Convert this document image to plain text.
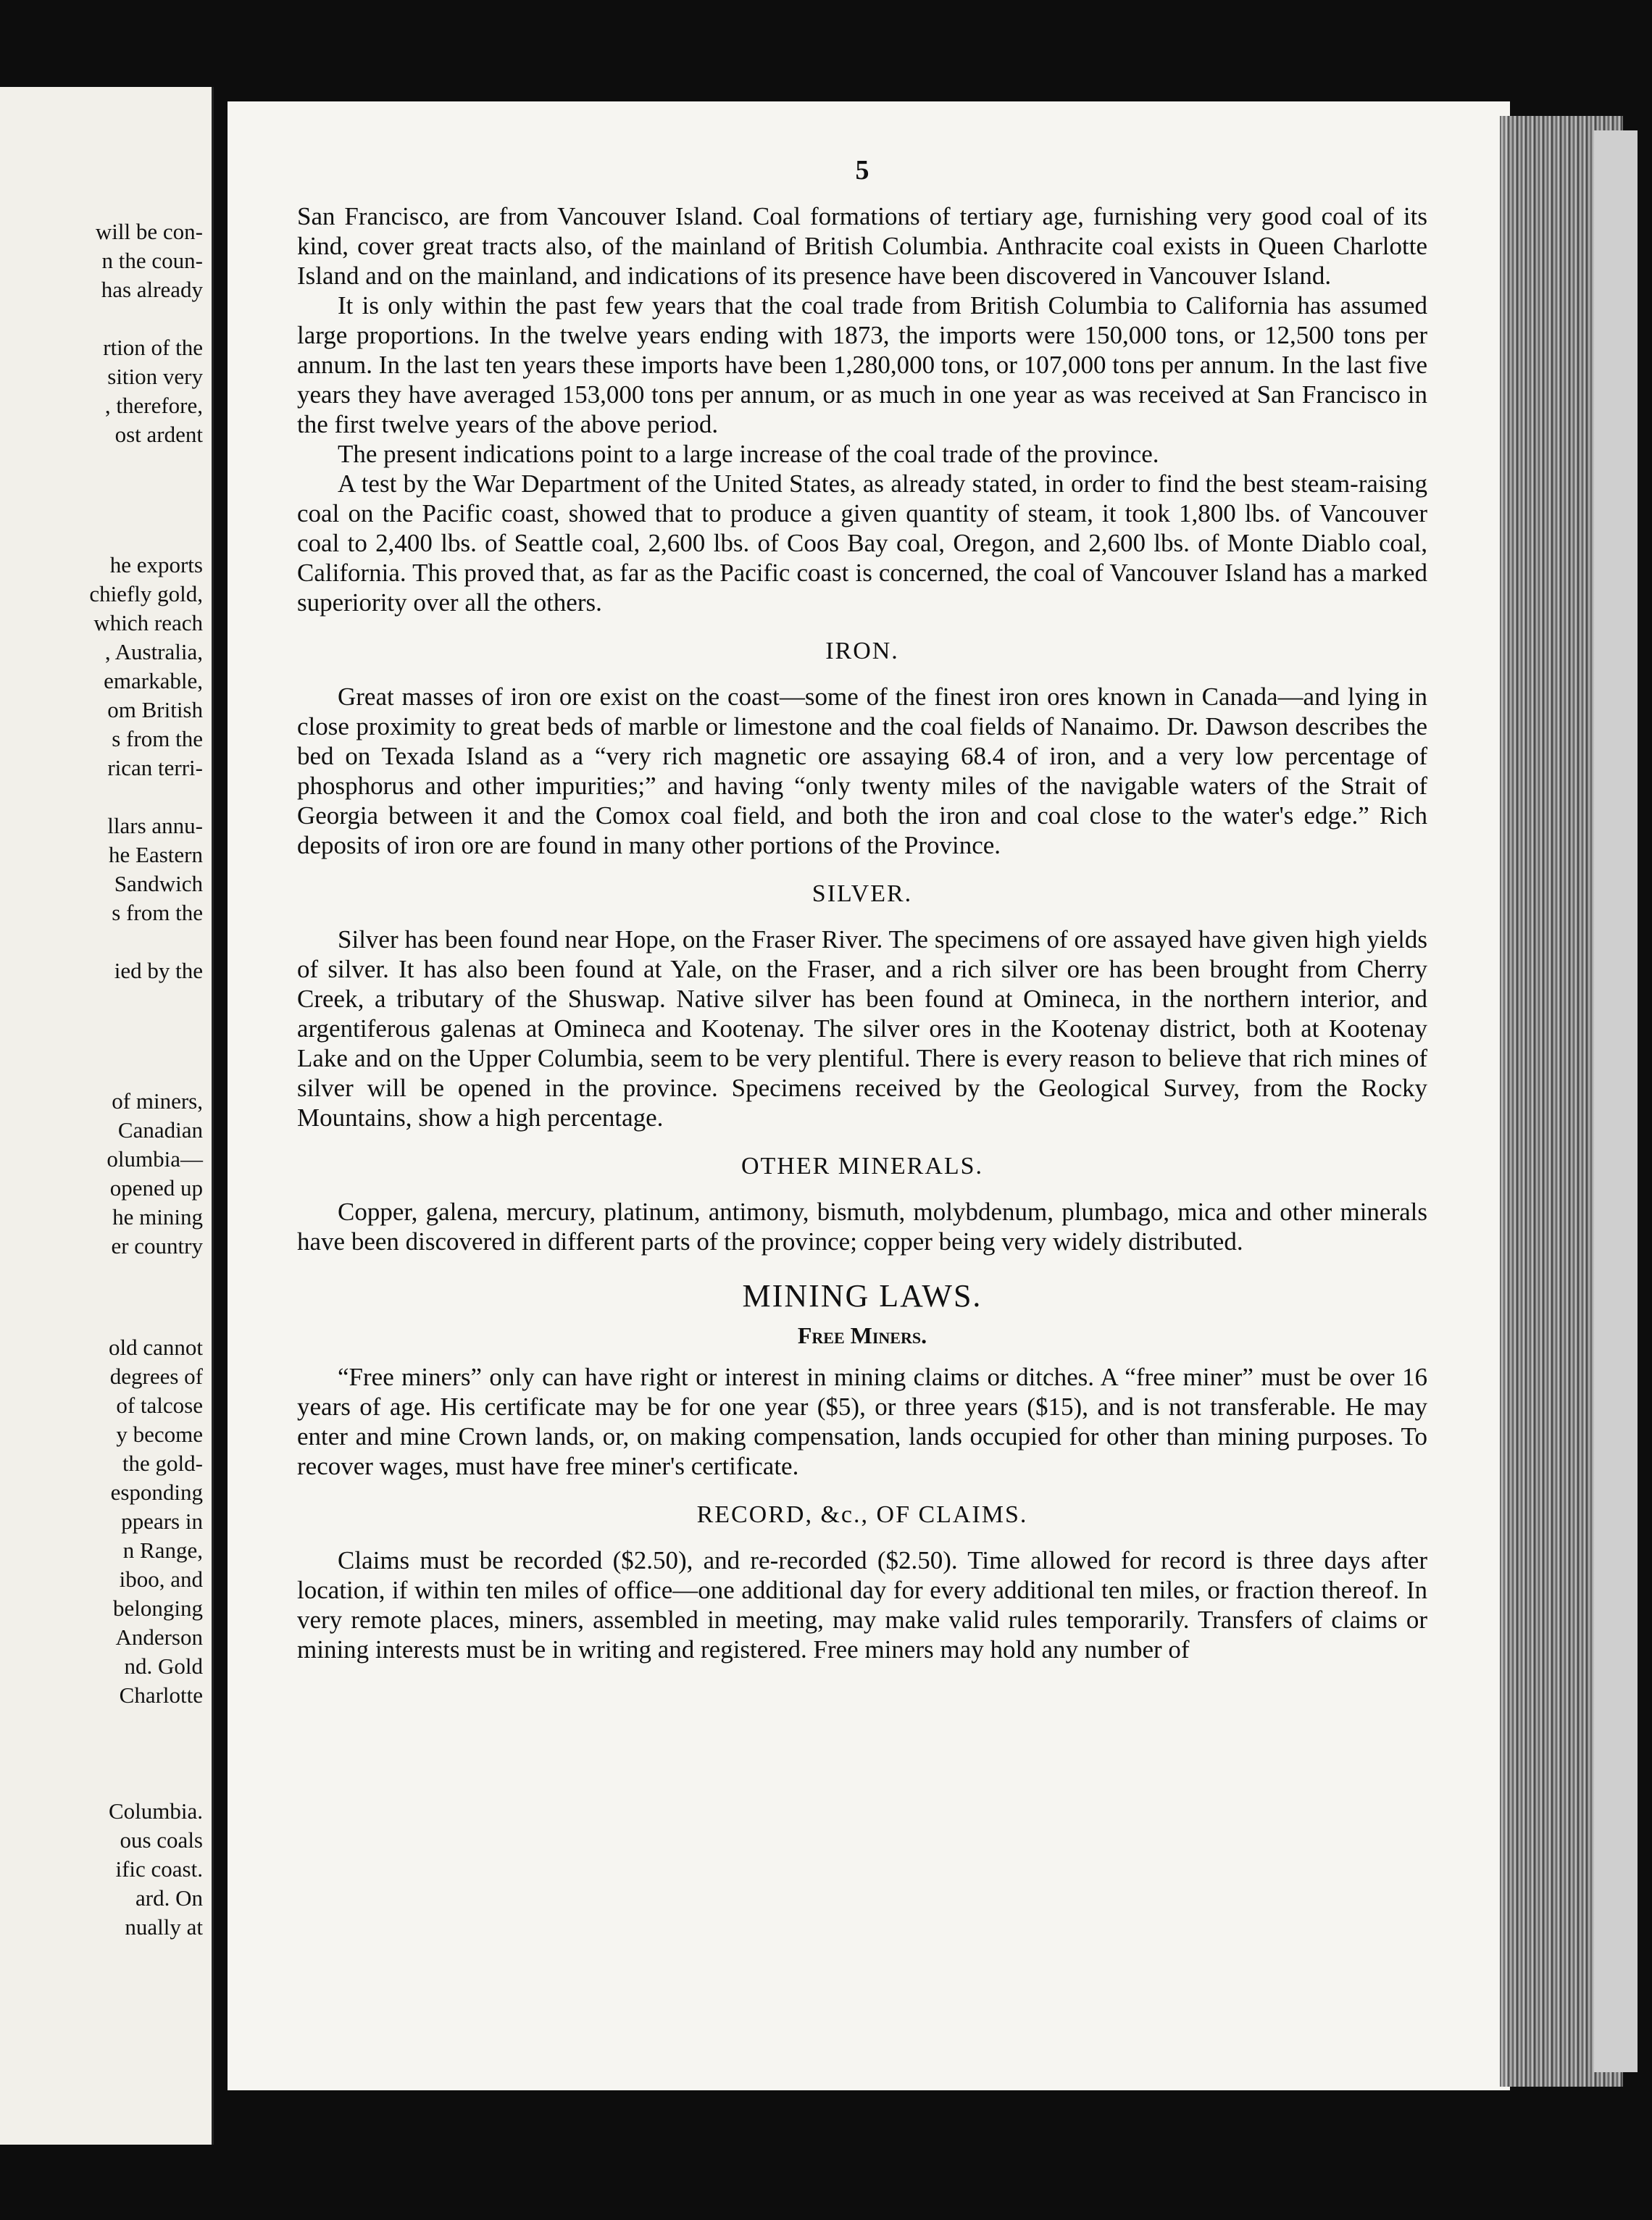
will be con-
n the coun-
has already
rtion of the
sition very
, therefore,
ost ardent
he exports
chiefly gold,
which reach
, Australia,
emarkable,
om British
s from the
rican terri-
llars annu-
he Eastern
Sandwich
s from the
ied by the
of miners,
Canadian
olumbia—
opened up
he mining
er country
old cannot
degrees of
of talcose
y become
the gold-
esponding
ppears in
n Range,
iboo, and
belonging
Anderson
nd. Gold
Charlotte
Columbia.
ous coals
ific coast.
ard. On
nually at
5

San Francisco, are from Vancouver Island. Coal formations of tertiary age, furnishing very good coal of its kind, cover great tracts also, of the mainland of British Columbia. Anthracite coal exists in Queen Charlotte Island and on the mainland, and indications of its presence have been discovered in Vancouver Island.

It is only within the past few years that the coal trade from British Columbia to California has assumed large proportions. In the twelve years ending with 1873, the imports were 150,000 tons, or 12,500 tons per annum. In the last ten years these imports have been 1,280,000 tons, or 107,000 tons per annum. In the last five years they have averaged 153,000 tons per annum, or as much in one year as was received at San Francisco in the first twelve years of the above period.

The present indications point to a large increase of the coal trade of the province.

A test by the War Department of the United States, as already stated, in order to find the best steam-raising coal on the Pacific coast, showed that to produce a given quantity of steam, it took 1,800 lbs. of Vancouver coal to 2,400 lbs. of Seattle coal, 2,600 lbs. of Coos Bay coal, Oregon, and 2,600 lbs. of Monte Diablo coal, California. This proved that, as far as the Pacific coast is concerned, the coal of Vancouver Island has a marked superiority over all the others.

IRON.

Great masses of iron ore exist on the coast—some of the finest iron ores known in Canada—and lying in close proximity to great beds of marble or limestone and the coal fields of Nanaimo. Dr. Dawson describes the bed on Texada Island as a “very rich magnetic ore assaying 68.4 of iron, and a very low percentage of phosphorus and other impurities;” and having “only twenty miles of the navigable waters of the Strait of Georgia between it and the Comox coal field, and both the iron and coal close to the water's edge.” Rich deposits of iron ore are found in many other portions of the Province.

SILVER.

Silver has been found near Hope, on the Fraser River. The specimens of ore assayed have given high yields of silver. It has also been found at Yale, on the Fraser, and a rich silver ore has been brought from Cherry Creek, a tributary of the Shuswap. Native silver has been found at Omineca, in the northern interior, and argentiferous galenas at Omineca and Kootenay. The silver ores in the Kootenay district, both at Kootenay Lake and on the Upper Columbia, seem to be very plentiful. There is every reason to believe that rich mines of silver will be opened in the province. Specimens received by the Geological Survey, from the Rocky Mountains, show a high percentage.

OTHER MINERALS.

Copper, galena, mercury, platinum, antimony, bismuth, molybdenum, plumbago, mica and other minerals have been discovered in different parts of the province; copper being very widely distributed.

MINING LAWS.
Free Miners.

“Free miners” only can have right or interest in mining claims or ditches. A “free miner” must be over 16 years of age. His certificate may be for one year ($5), or three years ($15), and is not transferable. He may enter and mine Crown lands, or, on making compensation, lands occupied for other than mining purposes. To recover wages, must have free miner's certificate.

RECORD, &c., OF CLAIMS.

Claims must be recorded ($2.50), and re-recorded ($2.50). Time allowed for record is three days after location, if within ten miles of office—one additional day for every additional ten miles, or fraction thereof. In very remote places, miners, assembled in meeting, may make valid rules temporarily. Transfers of claims or mining interests must be in writing and registered. Free miners may hold any number of
